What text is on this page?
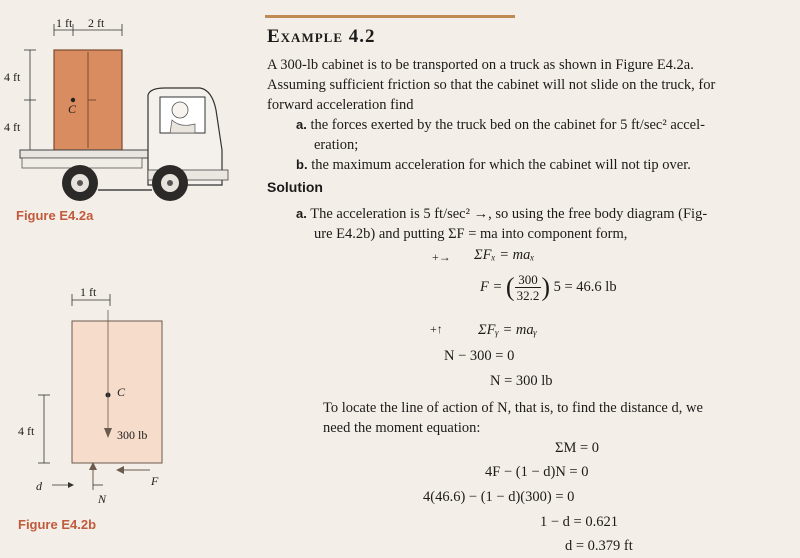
1 ft 2 ft
4 ft
4 ft
C
Figure E4.2a
1 ft
4 ft
C
300 lb
d
N
F
Figure E4.2b
Example 4.2
A 300-lb cabinet is to be transported on a truck as shown in Figure E4.2a.
Assuming sufficient friction so that the cabinet will not slide on the truck, for
forward acceleration find
a. the forces exerted by the truck bed on the cabinet for 5 ft/sec² accel-
eration;
b. the maximum acceleration for which the cabinet will not tip over.
Solution
a. The acceleration is 5 ft/sec² →, so using the free body diagram (Fig-
ure E4.2b) and putting ΣF = ma into component form,
+→ ΣFₓ = maₓ
F = ( $\frac{300}{32.2}$ ) 5 = 46.6 lb
+↑ ΣFᵧ = maᵧ
N − 300 = 0
N = 300 lb
To locate the line of action of N, that is, to find the distance d, we
need the moment equation:
ΣM = 0
4F − (1 − d)N = 0
4(46.6) − (1 − d)(300) = 0
1 − d = 0.621
d = 0.379 ft
